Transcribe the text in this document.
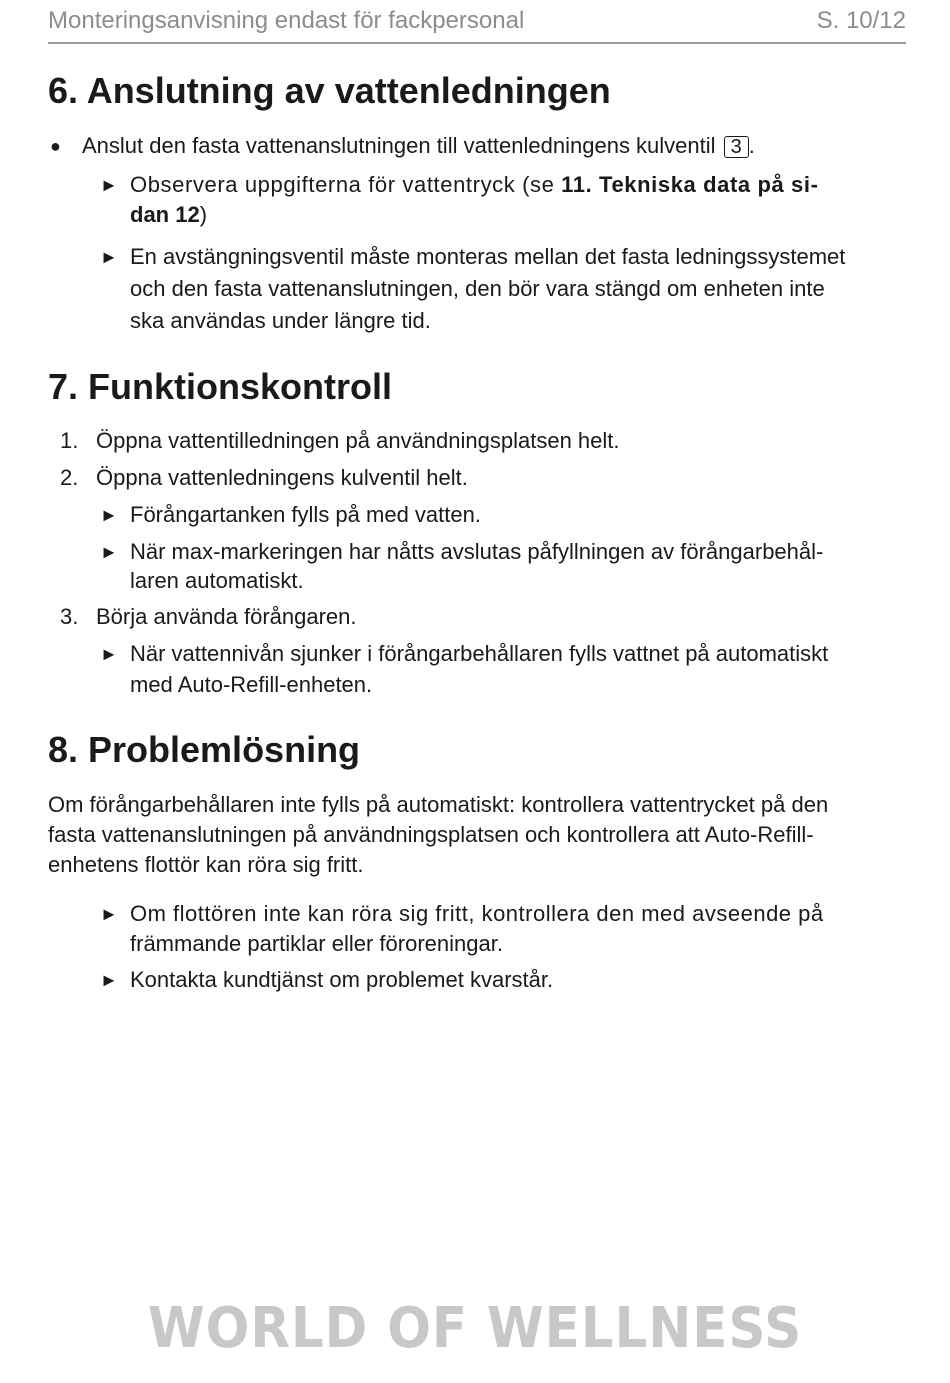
Monteringsanvisning endast för fackpersonal	S. 10/12
6. Anslutning av vattenledningen
● Anslut den fasta vattenanslutningen till vattenledningens kulventil 3 .
► Observera uppgifterna för vattentryck (se 11. Tekniska data på si-
dan 12)
► En avstängningsventil måste monteras mellan det fasta ledningssystemet
och den fasta vattenanslutningen, den bör vara stängd om enheten inte
ska användas under längre tid.
7. Funktionskontroll
1. Öppna vattentilledningen på användningsplatsen helt.
2. Öppna vattenledningens kulventil helt.
► Förångartanken fylls på med vatten.
► När max-markeringen har nåtts avslutas påfyllningen av förångarbehål-
laren automatiskt.
3. Börja använda förångaren.
► När vattennivån sjunker i förångarbehållaren fylls vattnet på automatiskt
med Auto-Refill-enheten.
8. Problemlösning
Om förångarbehållaren inte fylls på automatiskt: kontrollera vattentrycket på den
fasta vattenanslutningen på användningsplatsen och kontrollera att Auto-Refill-
enhetens flottör kan röra sig fritt.
► Om flottören inte kan röra sig fritt, kontrollera den med avseende på
främmande partiklar eller föroreningar.
► Kontakta kundtjänst om problemet kvarstår.
WORLD OF WELLNESS
